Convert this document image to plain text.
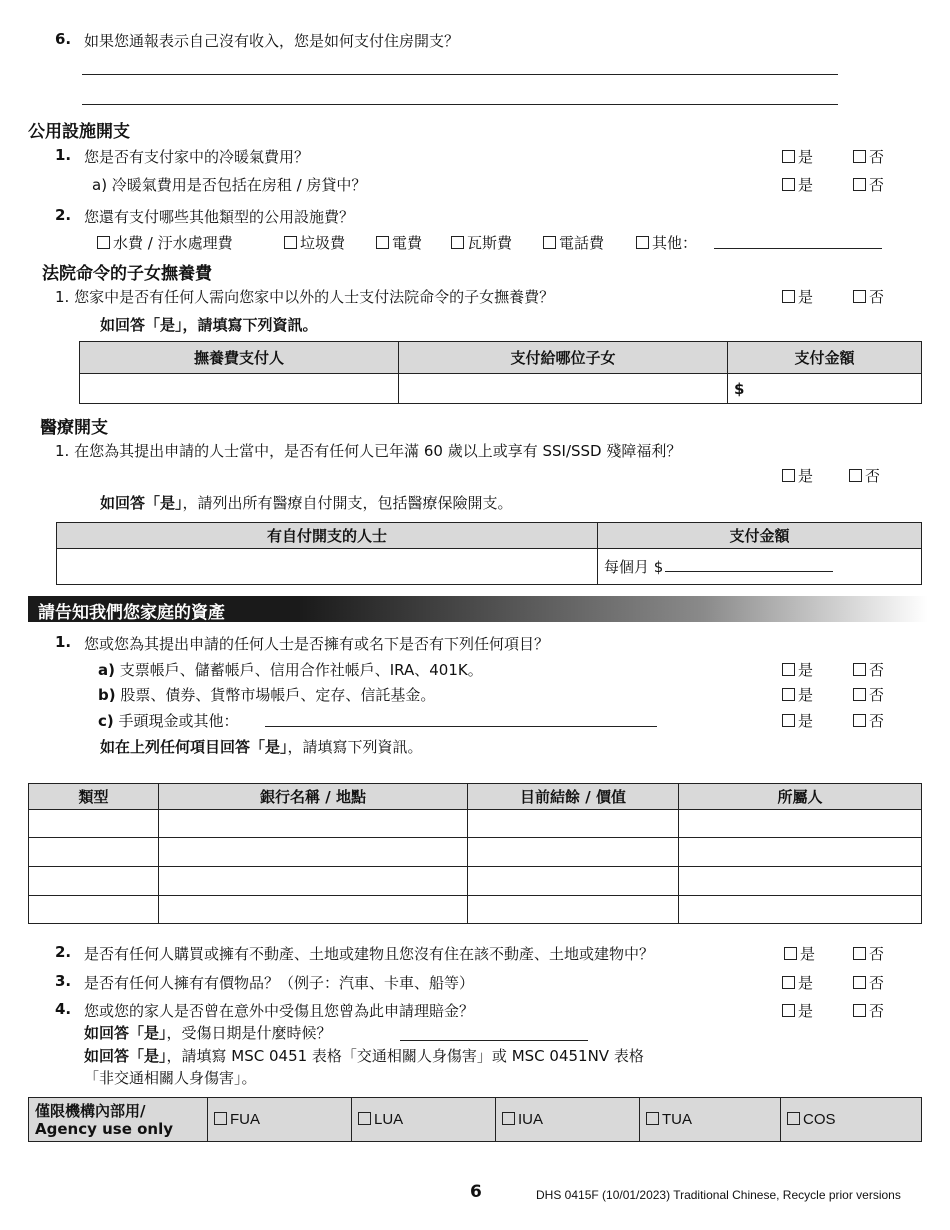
6. 如果您通報表示自己沒有收入，您是如何支付住房開支？
公用設施開支
1. 您是否有支付家中的冷暖氣費用？	是	否
a) 冷暖氣費用是否包括在房租 / 房貸中？	是	否
2. 您還有支付哪些其他類型的公用設施費？
水費 / 汙水處理費	垃圾費	電費	瓦斯費	電話費	其他：
法院命令的子女撫養費
1. 您家中是否有任何人需向您家中以外的人士支付法院命令的子女撫養費？	是	否
如回答「是」，請填寫下列資訊。
撫養費支付人	支付給哪位子女	支付金額
		$
醫療開支
1. 在您為其提出申請的人士當中，是否有任何人已年滿 60 歲以上或享有 SSI/SSD 殘障福利？
是	否
如回答「是」，請列出所有醫療自付開支，包括醫療保險開支。
有自付開支的人士	支付金額
	每個月 $
請告知我們您家庭的資產
1. 您或您為其提出申請的任何人士是否擁有或名下是否有下列任何項目？
a) 支票帳戶、儲蓄帳戶、信用合作社帳戶、IRA、401K。	是	否
b) 股票、債券、貨幣市場帳戶、定存、信託基金。	是	否
c) 手頭現金或其他：	是	否
如在上列任何項目回答「是」，請填寫下列資訊。
類型	銀行名稱 / 地點	目前結餘 / 價值	所屬人

2. 是否有任何人購買或擁有不動產、土地或建物且您沒有住在該不動產、土地或建物中？	是	否
3. 是否有任何人擁有有價物品？（例子：汽車、卡車、船等）	是	否
4. 您或您的家人是否曾在意外中受傷且您曾為此申請理賠金？	是	否
如回答「是」，受傷日期是什麼時候？
如回答「是」，請填寫 MSC 0451 表格「交通相關人身傷害」或 MSC 0451NV 表格
「非交通相關人身傷害」。
僅限機構內部用/
Agency use only	FUA	LUA	IUA	TUA	COS
6	DHS 0415F (10/01/2023) Traditional Chinese, Recycle prior versions
